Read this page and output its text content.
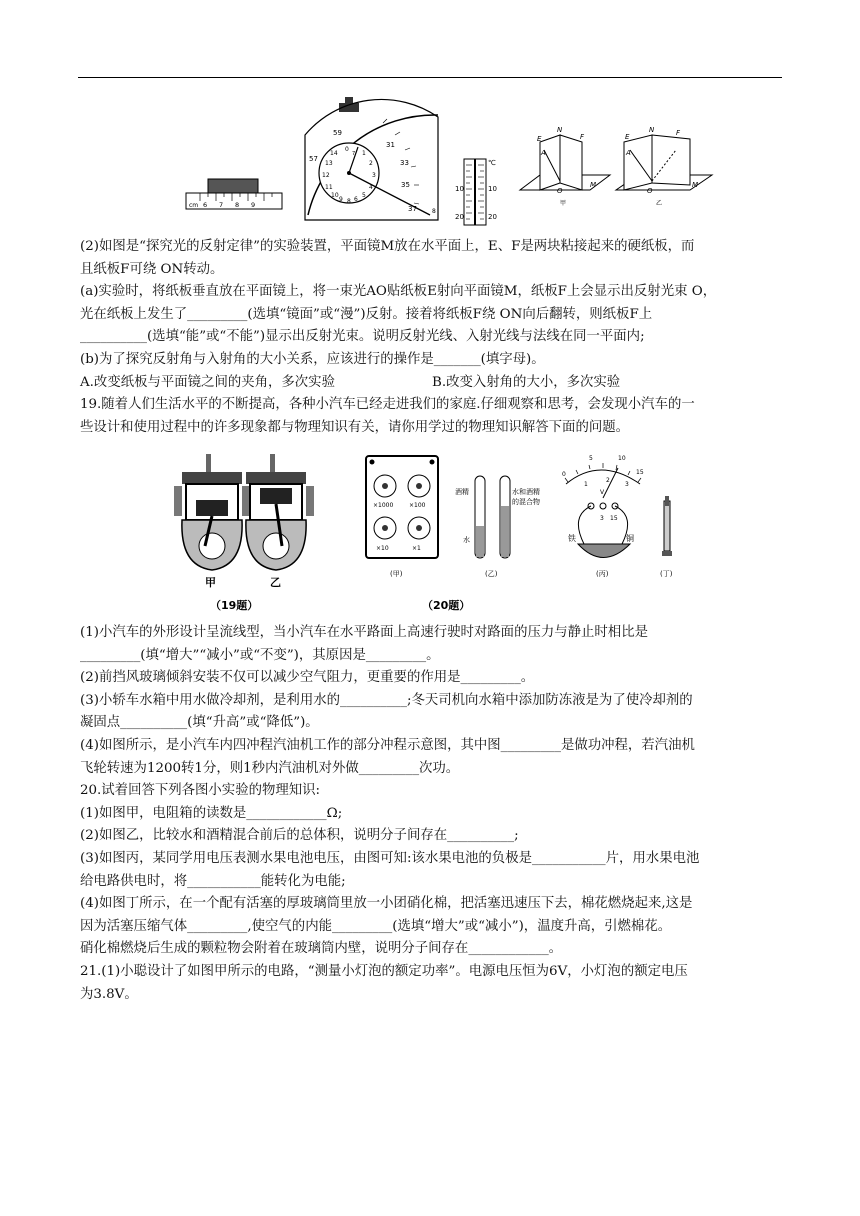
cm 6 7 8 9
0
14	1
2
13
3
12
4
11
5
10
6
9 8
7
57	33
35
37
59
31
8
℃
10
20
10
20
E
N
F
A
O
M
甲
E
N	F
A
O
M
乙

(2)如图是“探究光的反射定律”的实验装置，平面镜M放在水平面上，E、F是两块粘接起来的硬纸板，而

且纸板F可绕 ON转动。

(a)实验时，将纸板垂直放在平面镜上，将一束光AO贴纸板E射向平面镜M，纸板F上会显示出反射光束 O，

光在纸板上发生了_________(选填“镜面”或“漫”)反射。接着将纸板F绕 ON向后翻转，则纸板F上

__________(选填“能”或“不能”)显示出反射光束。说明反射光线、入射光线与法线在同一平面内;

(b)为了探究反射角与入射角的大小关系，应该进行的操作是_______(填字母)。

A.改变纸板与平面镜之间的夹角，多次实验	B.改变入射角的大小，多次实验

19.随着人们生活水平的不断提高，各种小汽车已经走进我们的家庭.仔细观察和思考，会发现小汽车的一

些设计和使用过程中的许多现象都与物理知识有关，请你用学过的物理知识解答下面的问题。

甲	乙
（19题）
×1000	×100
×10	×1
(甲)
酒精
水
水和酒精
的混合物
(乙)
0
5	10
15
1
2
3
V
3 15
铁	铜
(丙)	(丁)
（20题）

(1)小汽车的外形设计呈流线型，当小汽车在水平路面上高速行驶时对路面的压力与静止时相比是

_________(填“增大”“减小”或“不变”)，其原因是_________。

(2)前挡风玻璃倾斜安装不仅可以减少空气阻力，更重要的作用是_________。

(3)小轿车水箱中用水做冷却剂，是利用水的__________;冬天司机向水箱中添加防冻液是为了使冷却剂的

凝固点__________(填“升高”或“降低”)。

(4)如图所示，是小汽车内四冲程汽油机工作的部分冲程示意图，其中图_________是做功冲程，若汽油机

飞轮转速为1200转1分，则1秒内汽油机对外做_________次功。

20.试着回答下列各图小实验的物理知识:

(1)如图甲，电阻箱的读数是____________Ω;

(2)如图乙，比较水和酒精混合前后的总体积，说明分子间存在__________;

(3)如图丙，某同学用电压表测水果电池电压，由图可知:该水果电池的负极是___________片，用水果电池

给电路供电时，将___________能转化为电能;

(4)如图丁所示，在一个配有活塞的厚玻璃筒里放一小团硝化棉，把活塞迅速压下去，棉花燃烧起来,这是

因为活塞压缩气体_________,使空气的内能_________(选填“增大”或“减小”)，温度升高，引燃棉花。

硝化棉燃烧后生成的颗粒物会附着在玻璃筒内壁，说明分子间存在____________。

21.(1)小聪设计了如图甲所示的电路，“测量小灯泡的额定功率”。电源电压恒为6V，小灯泡的额定电压

为3.8V。
